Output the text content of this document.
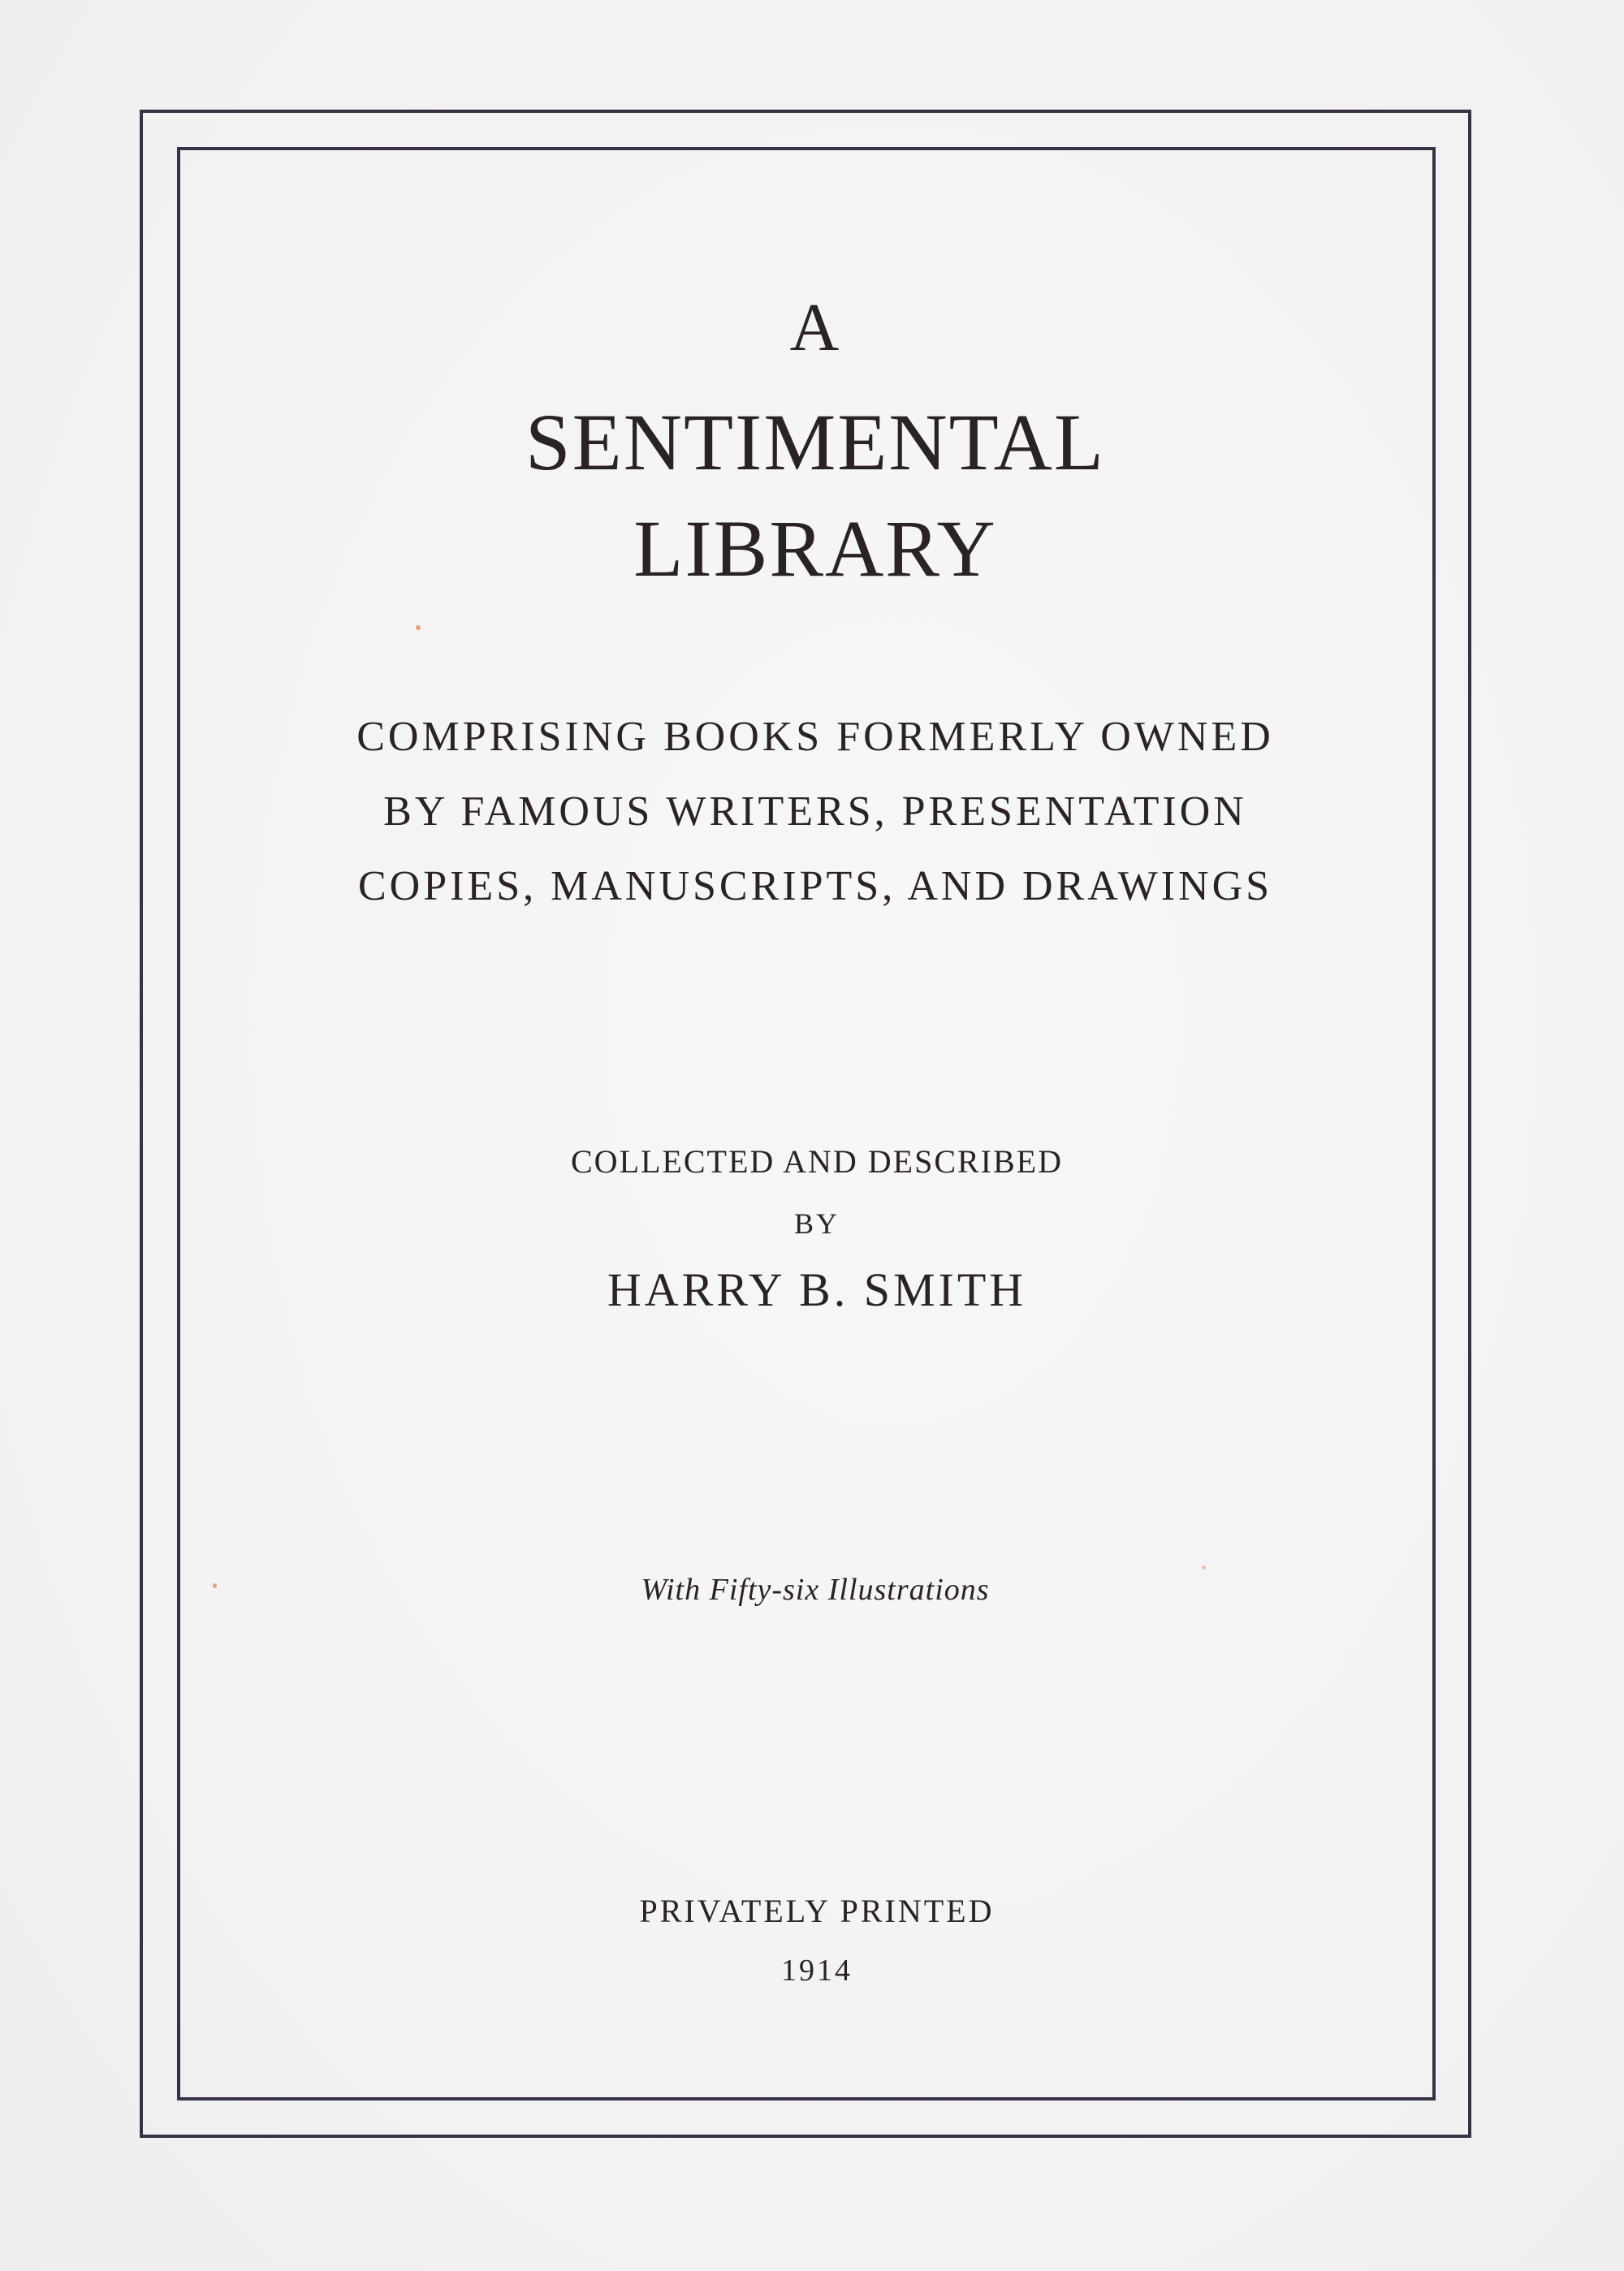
A
SENTIMENTAL
LIBRARY
COMPRISING BOOKS FORMERLY OWNED
BY FAMOUS WRITERS, PRESENTATION
COPIES, MANUSCRIPTS, AND DRAWINGS
COLLECTED AND DESCRIBED
BY
HARRY B. SMITH
With Fifty-six Illustrations
PRIVATELY PRINTED
1914
